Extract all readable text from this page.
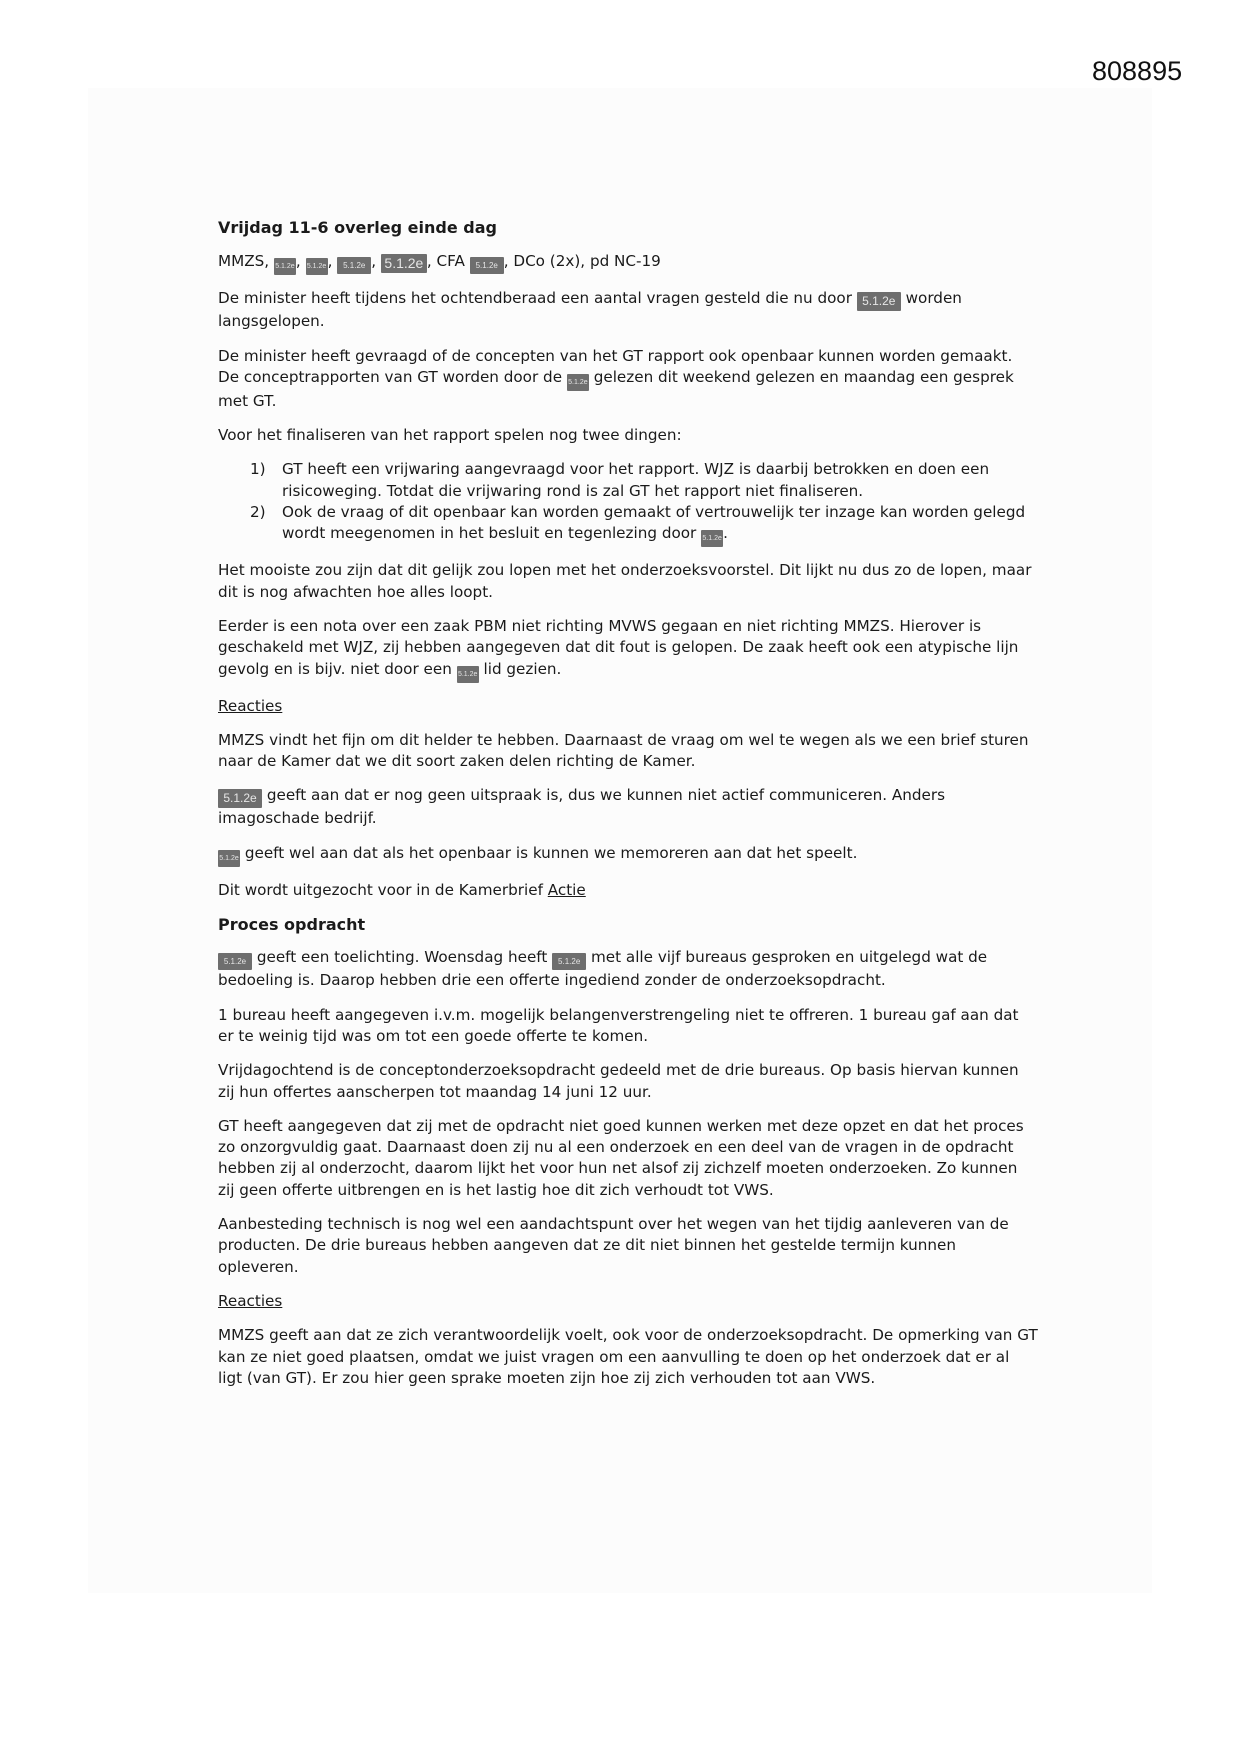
808895

Vrijdag 11-6 overleg einde dag

MMZS, 5.1.2e, 5.1.2e, 5.1.2e , 5.1.2e , CFA 5.1.2e , DCo (2x), pd NC-19

De minister heeft tijdens het ochtendberaad een aantal vragen gesteld die nu door 5.1.2e worden langsgelopen.

De minister heeft gevraagd of de concepten van het GT rapport ook openbaar kunnen worden gemaakt. De conceptrapporten van GT worden door de 5.1.2e gelezen dit weekend gelezen en maandag een gesprek met GT.

Voor het finaliseren van het rapport spelen nog twee dingen:

1) GT heeft een vrijwaring aangevraagd voor het rapport. WJZ is daarbij betrokken en doen een risicoweging. Totdat die vrijwaring rond is zal GT het rapport niet finaliseren.
2) Ook de vraag of dit openbaar kan worden gemaakt of vertrouwelijk ter inzage kan worden gelegd wordt meegenomen in het besluit en tegenlezing door 5.1.2e.

Het mooiste zou zijn dat dit gelijk zou lopen met het onderzoeksvoorstel. Dit lijkt nu dus zo de lopen, maar dit is nog afwachten hoe alles loopt.

Eerder is een nota over een zaak PBM niet richting MVWS gegaan en niet richting MMZS. Hierover is geschakeld met WJZ, zij hebben aangegeven dat dit fout is gelopen. De zaak heeft ook een atypische lijn gevolg en is bijv. niet door een 5.1.2e lid gezien.

Reacties

MMZS vindt het fijn om dit helder te hebben. Daarnaast de vraag om wel te wegen als we een brief sturen naar de Kamer dat we dit soort zaken delen richting de Kamer.

5.1.2e geeft aan dat er nog geen uitspraak is, dus we kunnen niet actief communiceren. Anders imagoschade bedrijf.

5.1.2e geeft wel aan dat als het openbaar is kunnen we memoreren aan dat het speelt.

Dit wordt uitgezocht voor in de Kamerbrief Actie

Proces opdracht

5.1.2e geeft een toelichting. Woensdag heeft 5.1.2e met alle vijf bureaus gesproken en uitgelegd wat de bedoeling is. Daarop hebben drie een offerte ingediend zonder de onderzoeksopdracht.

1 bureau heeft aangegeven i.v.m. mogelijk belangenverstrengeling niet te offreren. 1 bureau gaf aan dat er te weinig tijd was om tot een goede offerte te komen.

Vrijdagochtend is de conceptonderzoeksopdracht gedeeld met de drie bureaus. Op basis hiervan kunnen zij hun offertes aanscherpen tot maandag 14 juni 12 uur.

GT heeft aangegeven dat zij met de opdracht niet goed kunnen werken met deze opzet en dat het proces zo onzorgvuldig gaat. Daarnaast doen zij nu al een onderzoek en een deel van de vragen in de opdracht hebben zij al onderzocht, daarom lijkt het voor hun net alsof zij zichzelf moeten onderzoeken. Zo kunnen zij geen offerte uitbrengen en is het lastig hoe dit zich verhoudt tot VWS.

Aanbesteding technisch is nog wel een aandachtspunt over het wegen van het tijdig aanleveren van de producten. De drie bureaus hebben aangeven dat ze dit niet binnen het gestelde termijn kunnen opleveren.

Reacties

MMZS geeft aan dat ze zich verantwoordelijk voelt, ook voor de onderzoeksopdracht. De opmerking van GT kan ze niet goed plaatsen, omdat we juist vragen om een aanvulling te doen op het onderzoek dat er al ligt (van GT). Er zou hier geen sprake moeten zijn hoe zij zich verhouden tot aan VWS.
